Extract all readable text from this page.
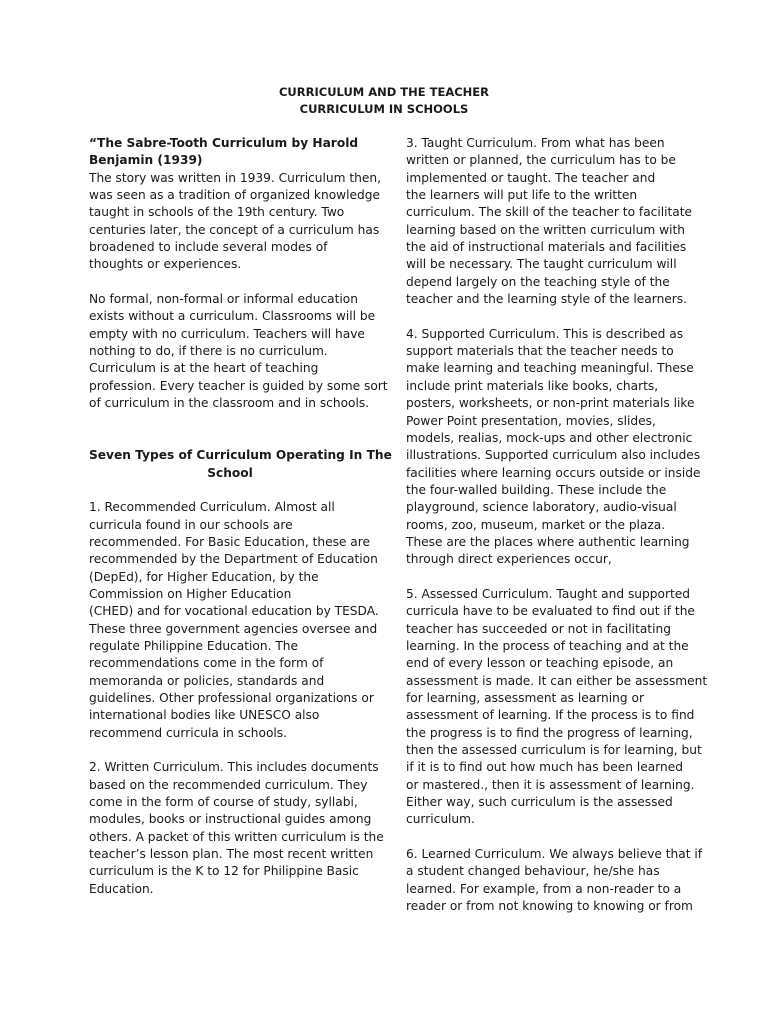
CURRICULUM AND THE TEACHER
CURRICULUM IN SCHOOLS

“The Sabre-Tooth Curriculum by Harold
Benjamin (1939)

The story was written in 1939. Curriculum then,
was seen as a tradition of organized knowledge
taught in schools of the 19th century. Two
centuries later, the concept of a curriculum has
broadened to include several modes of
thoughts or experiences.

No formal, non-formal or informal education
exists without a curriculum. Classrooms will be
empty with no curriculum. Teachers will have
nothing to do, if there is no curriculum.
Curriculum is at the heart of teaching
profession. Every teacher is guided by some sort
of curriculum in the classroom and in schools.

Seven Types of Curriculum Operating In The
School

1. Recommended Curriculum. Almost all
curricula found in our schools are
recommended. For Basic Education, these are
recommended by the Department of Education
(DepEd), for Higher Education, by the
Commission on Higher Education
(CHED) and for vocational education by TESDA.
These three government agencies oversee and
regulate Philippine Education. The
recommendations come in the form of
memoranda or policies, standards and
guidelines. Other professional organizations or
international bodies like UNESCO also
recommend curricula in schools.

2. Written Curriculum. This includes documents
based on the recommended curriculum. They
come in the form of course of study, syllabi,
modules, books or instructional guides among
others. A packet of this written curriculum is the
teacher’s lesson plan. The most recent written
curriculum is the K to 12 for Philippine Basic
Education.

3. Taught Curriculum. From what has been
written or planned, the curriculum has to be
implemented or taught. The teacher and
the learners will put life to the written
curriculum. The skill of the teacher to facilitate
learning based on the written curriculum with
the aid of instructional materials and facilities
will be necessary. The taught curriculum will
depend largely on the teaching style of the
teacher and the learning style of the learners.

4. Supported Curriculum. This is described as
support materials that the teacher needs to
make learning and teaching meaningful. These
include print materials like books, charts,
posters, worksheets, or non-print materials like
Power Point presentation, movies, slides,
models, realias, mock-ups and other electronic
illustrations. Supported curriculum also includes
facilities where learning occurs outside or inside
the four-walled building. These include the
playground, science laboratory, audio-visual
rooms, zoo, museum, market or the plaza.
These are the places where authentic learning
through direct experiences occur,

5. Assessed Curriculum. Taught and supported
curricula have to be evaluated to find out if the
teacher has succeeded or not in facilitating
learning. In the process of teaching and at the
end of every lesson or teaching episode, an
assessment is made. It can either be assessment
for learning, assessment as learning or
assessment of learning. If the process is to find
the progress is to find the progress of learning,
then the assessed curriculum is for learning, but
if it is to find out how much has been learned
or mastered., then it is assessment of learning.
Either way, such curriculum is the assessed
curriculum.

6. Learned Curriculum. We always believe that if
a student changed behaviour, he/she has
learned. For example, from a non-reader to a
reader or from not knowing to knowing or from
